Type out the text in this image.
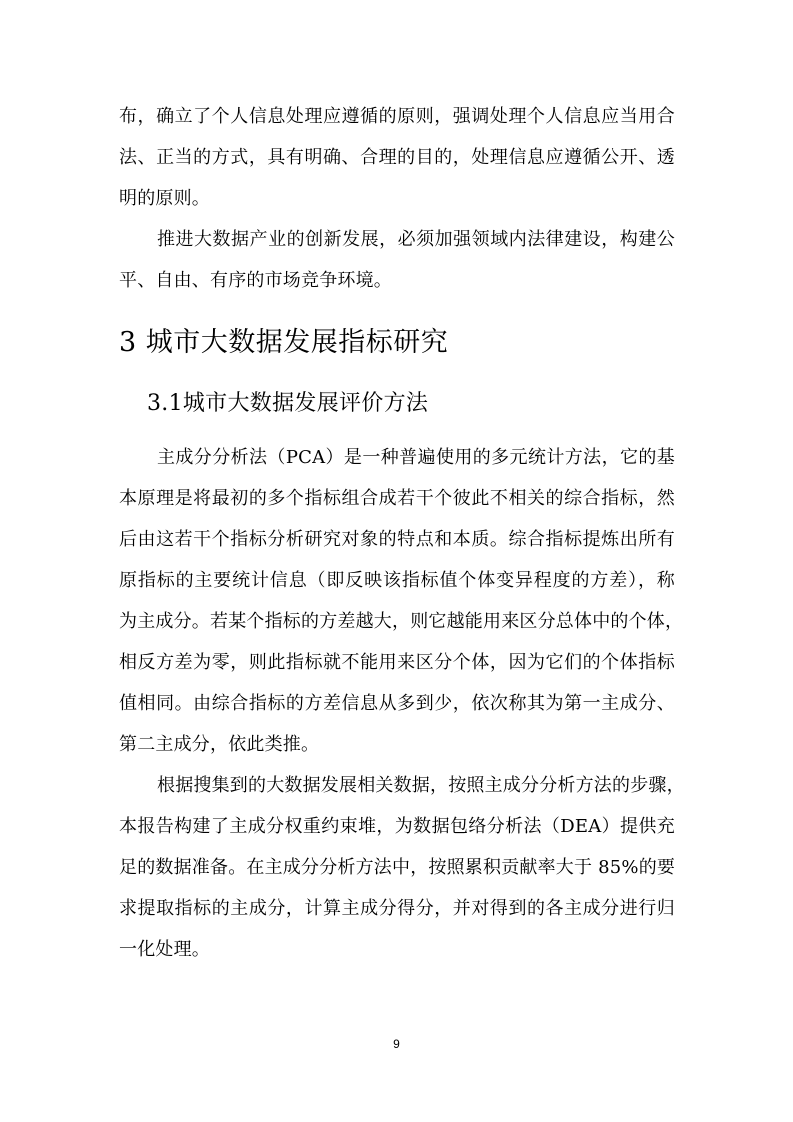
布，确立了个人信息处理应遵循的原则，强调处理个人信息应当用合
法、正当的方式，具有明确、合理的目的，处理信息应遵循公开、透
明的原则。
推进大数据产业的创新发展，必须加强领域内法律建设，构建公
平、自由、有序的市场竞争环境。
3 城市大数据发展指标研究
3.1城市大数据发展评价方法
主成分分析法（PCA）是一种普遍使用的多元统计方法，它的基
本原理是将最初的多个指标组合成若干个彼此不相关的综合指标，然
后由这若干个指标分析研究对象的特点和本质。综合指标提炼出所有
原指标的主要统计信息（即反映该指标值个体变异程度的方差），称
为主成分。若某个指标的方差越大，则它越能用来区分总体中的个体，
相反方差为零，则此指标就不能用来区分个体，因为它们的个体指标
值相同。由综合指标的方差信息从多到少，依次称其为第一主成分、
第二主成分，依此类推。
根据搜集到的大数据发展相关数据，按照主成分分析方法的步骤，
本报告构建了主成分权重约束堆，为数据包络分析法（DEA）提供充
足的数据准备。在主成分分析方法中，按照累积贡献率大于 85%的要
求提取指标的主成分，计算主成分得分，并对得到的各主成分进行归
一化处理。
9
